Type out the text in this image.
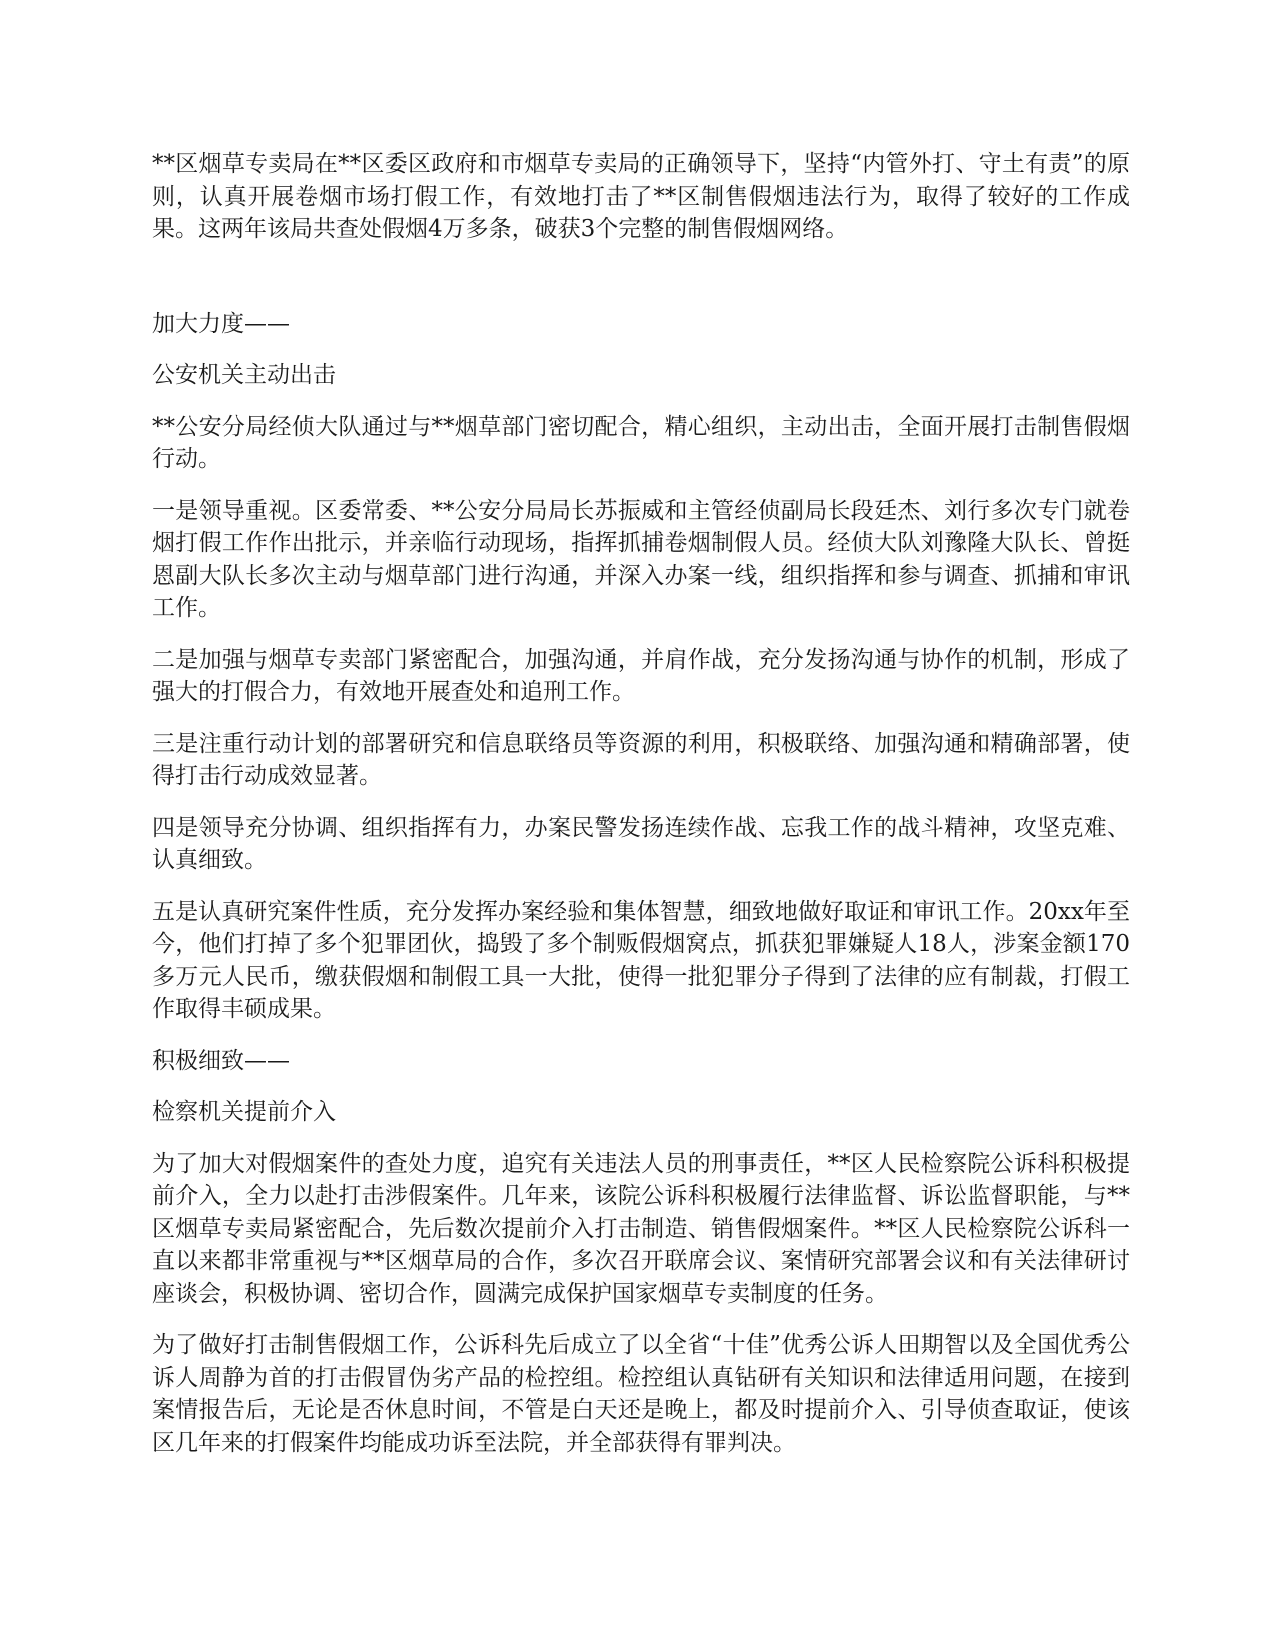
**区烟草专卖局在**区委区政府和市烟草专卖局的正确领导下，坚持“内管外打、守土有责”的原则，认真开展卷烟市场打假工作，有效地打击了**区制售假烟违法行为，取得了较好的工作成果。这两年该局共查处假烟4万多条，破获3个完整的制售假烟网络。

加大力度——

公安机关主动出击

**公安分局经侦大队通过与**烟草部门密切配合，精心组织，主动出击，全面开展打击制售假烟行动。

一是领导重视。区委常委、**公安分局局长苏振威和主管经侦副局长段廷杰、刘行多次专门就卷烟打假工作作出批示，并亲临行动现场，指挥抓捕卷烟制假人员。经侦大队刘豫隆大队长、曾挺恩副大队长多次主动与烟草部门进行沟通，并深入办案一线，组织指挥和参与调查、抓捕和审讯工作。

二是加强与烟草专卖部门紧密配合，加强沟通，并肩作战，充分发扬沟通与协作的机制，形成了强大的打假合力，有效地开展查处和追刑工作。

三是注重行动计划的部署研究和信息联络员等资源的利用，积极联络、加强沟通和精确部署，使得打击行动成效显著。

四是领导充分协调、组织指挥有力，办案民警发扬连续作战、忘我工作的战斗精神，攻坚克难、认真细致。

五是认真研究案件性质，充分发挥办案经验和集体智慧，细致地做好取证和审讯工作。20xx年至今，他们打掉了多个犯罪团伙，捣毁了多个制贩假烟窝点，抓获犯罪嫌疑人18人，涉案金额170多万元人民币，缴获假烟和制假工具一大批，使得一批犯罪分子得到了法律的应有制裁，打假工作取得丰硕成果。

积极细致——

检察机关提前介入

为了加大对假烟案件的查处力度，追究有关违法人员的刑事责任，**区人民检察院公诉科积极提前介入，全力以赴打击涉假案件。几年来，该院公诉科积极履行法律监督、诉讼监督职能，与**区烟草专卖局紧密配合，先后数次提前介入打击制造、销售假烟案件。**区人民检察院公诉科一直以来都非常重视与**区烟草局的合作，多次召开联席会议、案情研究部署会议和有关法律研讨座谈会，积极协调、密切合作，圆满完成保护国家烟草专卖制度的任务。

为了做好打击制售假烟工作，公诉科先后成立了以全省“十佳”优秀公诉人田期智以及全国优秀公诉人周静为首的打击假冒伪劣产品的检控组。检控组认真钻研有关知识和法律适用问题，在接到案情报告后，无论是否休息时间，不管是白天还是晚上，都及时提前介入、引导侦查取证，使该区几年来的打假案件均能成功诉至法院，并全部获得有罪判决。
